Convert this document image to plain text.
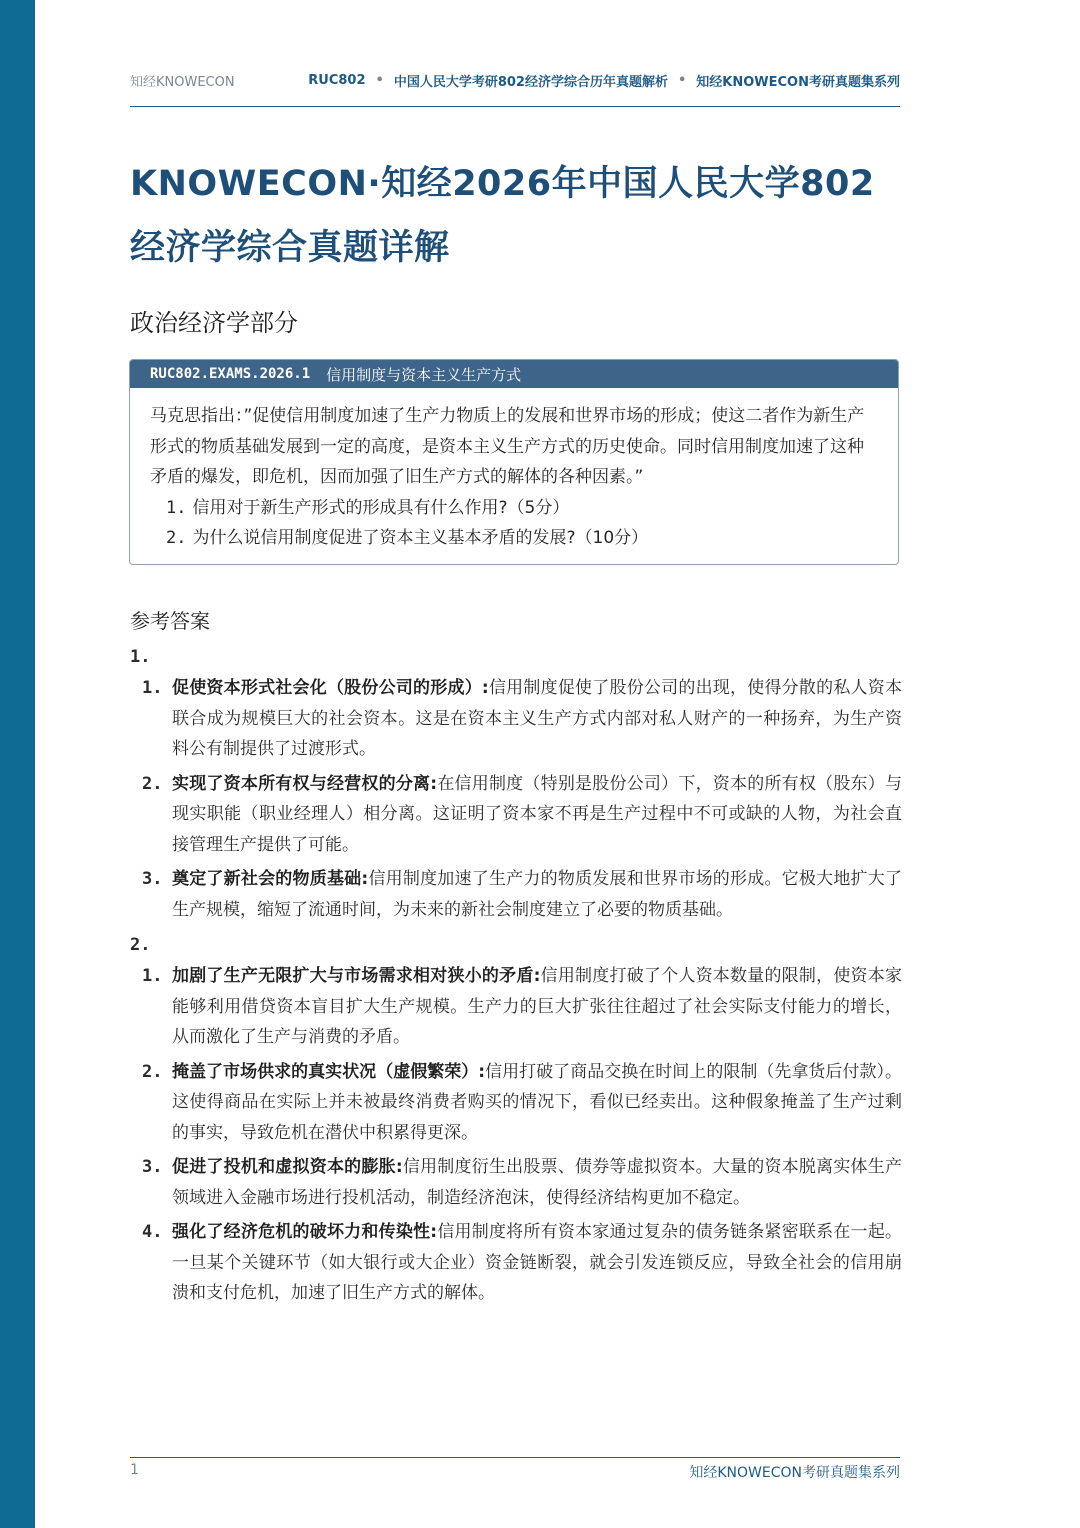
知经KNOWECON	RUC802 • 中国人民大学考研802经济学综合历年真题解析 • 知经KNOWECON考研真题集系列
KNOWECON·知经2026年中国人民大学802经济学综合真题详解
政治经济学部分
RUC802.EXAMS.2026.1 信用制度与资本主义生产方式

马克思指出：”促使信用制度加速了生产力物质上的发展和世界市场的形成；使这二者作为新生产形式的物质基础发展到一定的高度，是资本主义生产方式的历史使命。同时信用制度加速了这种矛盾的爆发，即危机，因而加强了旧生产方式的解体的各种因素。”

1. 信用对于新生产形式的形成具有什么作用?（5分）

2. 为什么说信用制度促进了资本主义基本矛盾的发展?（10分）

参考答案
1.
1. 促使资本形式社会化（股份公司的形成）:信用制度促使了股份公司的出现，使得分散的私人资本联合成为规模巨大的社会资本。这是在资本主义生产方式内部对私人财产的一种扬弃，为生产资料公有制提供了过渡形式。
2. 实现了资本所有权与经营权的分离:在信用制度（特别是股份公司）下，资本的所有权（股东）与现实职能（职业经理人）相分离。这证明了资本家不再是生产过程中不可或缺的人物，为社会直接管理生产提供了可能。
3. 奠定了新社会的物质基础:信用制度加速了生产力的物质发展和世界市场的形成。它极大地扩大了生产规模，缩短了流通时间，为未来的新社会制度建立了必要的物质基础。
2.
1. 加剧了生产无限扩大与市场需求相对狭小的矛盾:信用制度打破了个人资本数量的限制，使资本家能够利用借贷资本盲目扩大生产规模。生产力的巨大扩张往往超过了社会实际支付能力的增长，从而激化了生产与消费的矛盾。
2. 掩盖了市场供求的真实状况（虚假繁荣）:信用打破了商品交换在时间上的限制（先拿货后付款）。这使得商品在实际上并未被最终消费者购买的情况下，看似已经卖出。这种假象掩盖了生产过剩的事实，导致危机在潜伏中积累得更深。
3. 促进了投机和虚拟资本的膨胀:信用制度衍生出股票、债券等虚拟资本。大量的资本脱离实体生产领域进入金融市场进行投机活动，制造经济泡沫，使得经济结构更加不稳定。
4. 强化了经济危机的破坏力和传染性:信用制度将所有资本家通过复杂的债务链条紧密联系在一起。一旦某个关键环节（如大银行或大企业）资金链断裂，就会引发连锁反应，导致全社会的信用崩溃和支付危机，加速了旧生产方式的解体。
1	知经KNOWECON考研真题集系列
